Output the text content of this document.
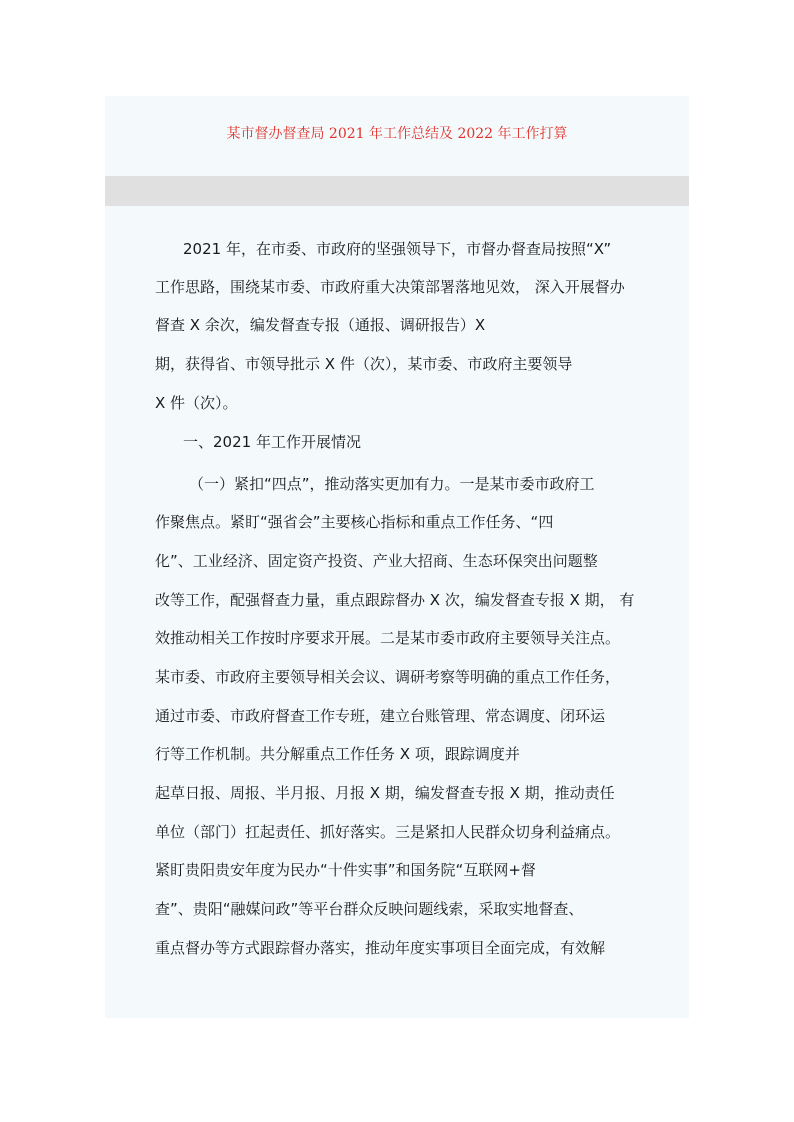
某市督办督查局 2021 年工作总结及 2022 年工作打算
2021 年，在市委、市政府的坚强领导下，市督办督查局按照“X”
工作思路，围绕某市委、市政府重大决策部署落地见效， 深入开展督办
督查 X 余次，编发督查专报（通报、调研报告）X
期，获得省、市领导批示 X 件（次），某市委、市政府主要领导
X 件（次）。
一、2021 年工作开展情况
（一）紧扣“四点”，推动落实更加有力。一是某市委市政府工
作聚焦点。紧盯“强省会”主要核心指标和重点工作任务、“四
化”、工业经济、固定资产投资、产业大招商、生态环保突出问题整
改等工作，配强督查力量，重点跟踪督办 X 次，编发督查专报 X 期， 有
效推动相关工作按时序要求开展。二是某市委市政府主要领导关注点。
某市委、市政府主要领导相关会议、调研考察等明确的重点工作任务，
通过市委、市政府督查工作专班，建立台账管理、常态调度、闭环运
行等工作机制。共分解重点工作任务 X 项，跟踪调度并
起草日报、周报、半月报、月报 X 期，编发督查专报 X 期，推动责任
单位（部门）扛起责任、抓好落实。三是紧扣人民群众切身利益痛点。
紧盯贵阳贵安年度为民办“十件实事”和国务院“互联网+督
查”、贵阳“融媒问政”等平台群众反映问题线索，采取实地督查、
重点督办等方式跟踪督办落实，推动年度实事项目全面完成，有效解
